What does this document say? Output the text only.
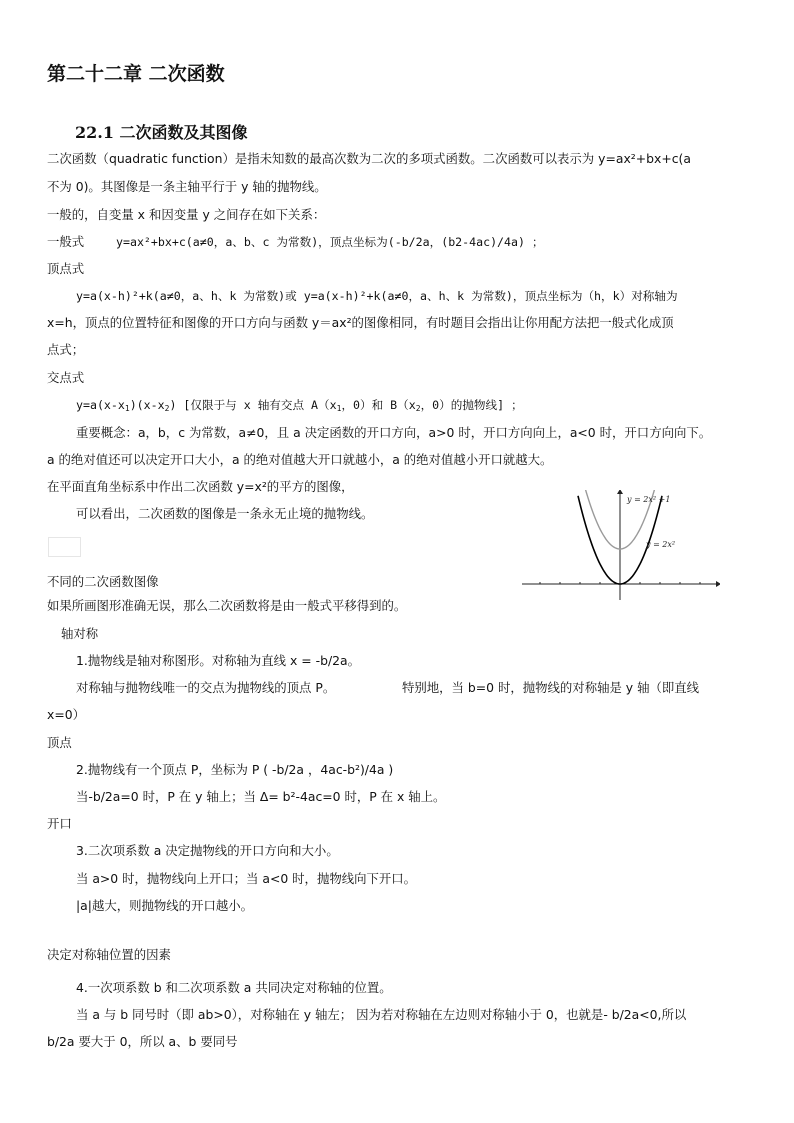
第二十二章 二次函数
22.1 二次函数及其图像
二次函数（quadratic function）是指未知数的最高次数为二次的多项式函数。二次函数可以表示为 y=ax²+bx+c(a
不为 0)。其图像是一条主轴平行于 y 轴的抛物线。
一般的，自变量 x 和因变量 y 之间存在如下关系：
一般式	y=ax²+bx+c(a≠0，a、b、c 为常数)，顶点坐标为(-b/2a，(b2-4ac)/4a) ；
顶点式
y=a(x-h)²+k(a≠0，a、h、k 为常数)或 y=a(x-h)²+k(a≠0，a、h、k 为常数)，顶点坐标为（h，k）对称轴为
x=h，顶点的位置特征和图像的开口方向与函数 y＝ax²的图像相同，有时题目会指出让你用配方法把一般式化成顶
点式；
交点式
$y=a(x-x_1)(x-x_2)$ [仅限于与 x 轴有交点 $A(x_1$，0）和 $B(x_2$，0）的抛物线] ；
重要概念：a，b，c 为常数，a≠0，且 a 决定函数的开口方向，a>0 时，开口方向向上，a<0 时，开口方向向下。
a 的绝对值还可以决定开口大小，a 的绝对值越大开口就越小，a 的绝对值越小开口就越大。
在平面直角坐标系中作出二次函数 y=x²的平方的图像，
可以看出，二次函数的图像是一条永无止境的抛物线。
y = 2x² +1
y = 2x²
不同的二次函数图像
如果所画图形准确无误，那么二次函数将是由一般式平移得到的。
轴对称
1.抛物线是轴对称图形。对称轴为直线 x = -b/2a。
对称轴与抛物线唯一的交点为抛物线的顶点 P。	特别地，当 b=0 时，抛物线的对称轴是 y 轴（即直线
x=0）
顶点
2.抛物线有一个顶点 P，坐标为 P ( -b/2a ，4ac-b²)/4a )
当-b/2a=0 时，P 在 y 轴上；当 Δ= b²-4ac=0 时，P 在 x 轴上。
开口
3.二次项系数 a 决定抛物线的开口方向和大小。
当 a>0 时，抛物线向上开口；当 a<0 时，抛物线向下开口。
|a|越大，则抛物线的开口越小。
决定对称轴位置的因素
4.一次项系数 b 和二次项系数 a 共同决定对称轴的位置。
当 a 与 b 同号时（即 ab>0），对称轴在 y 轴左； 因为若对称轴在左边则对称轴小于 0，也就是- b/2a<0,所以
b/2a 要大于 0，所以 a、b 要同号
